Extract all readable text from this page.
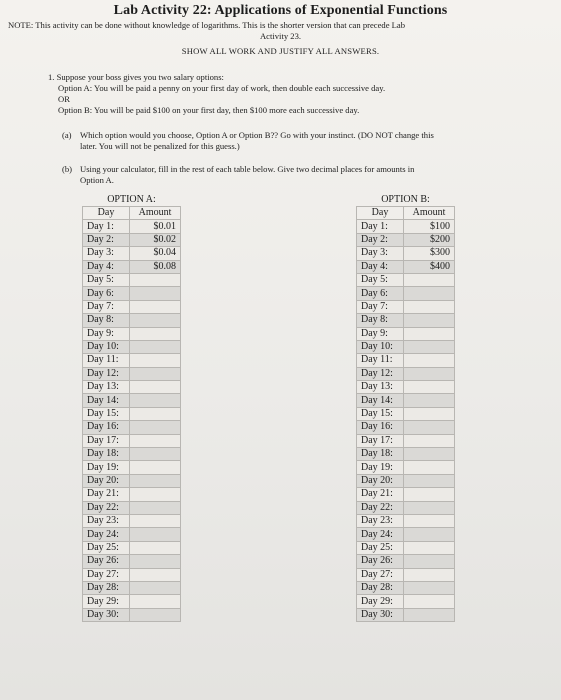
Lab Activity 22: Applications of Exponential Functions
NOTE: This activity can be done without knowledge of logarithms. This is the shorter version that can precede Lab
Activity 23.
SHOW ALL WORK AND JUSTIFY ALL ANSWERS.
1. Suppose your boss gives you two salary options:
Option A: You will be paid a penny on your first day of work, then double each successive day.
OR
Option B: You will be paid $100 on your first day, then $100 more each successive day.
(a) Which option would you choose, Option A or Option B?? Go with your instinct. (DO NOT change this
later. You will not be penalized for this guess.)
(b) Using your calculator, fill in the rest of each table below. Give two decimal places for amounts in
Option A.
OPTION A:
Day	Amount
Day 1:	$0.01
Day 2:	$0.02
Day 3:	$0.04
Day 4:	$0.08
Day 5:	
Day 6:	
Day 7:	
Day 8:	
Day 9:	
Day 10:	
Day 11:	
Day 12:	
Day 13:	
Day 14:	
Day 15:	
Day 16:	
Day 17:	
Day 18:	
Day 19:	
Day 20:	
Day 21:	
Day 22:	
Day 23:	
Day 24:	
Day 25:	
Day 26:	
Day 27:	
Day 28:	
Day 29:	
Day 30:	
OPTION B:
Day	Amount
Day 1:	$100
Day 2:	$200
Day 3:	$300
Day 4:	$400
Day 5:	
Day 6:	
Day 7:	
Day 8:	
Day 9:	
Day 10:	
Day 11:	
Day 12:	
Day 13:	
Day 14:	
Day 15:	
Day 16:	
Day 17:	
Day 18:	
Day 19:	
Day 20:	
Day 21:	
Day 22:	
Day 23:	
Day 24:	
Day 25:	
Day 26:	
Day 27:	
Day 28:	
Day 29:	
Day 30:	
